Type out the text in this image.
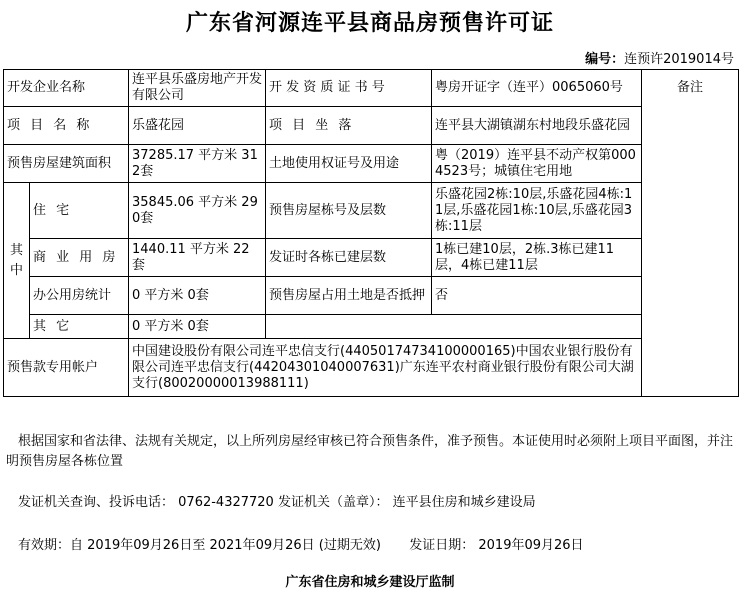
广东省河源连平县商品房预售许可证
编号：连预许2019014号
开发企业名称		连平县乐盛房地产开发有限公司	开 发 资 质 证 书 号	粤房开证字（连平）0065060号	备注
项 目 名 称		乐盛花园	项 目 坐 落	连平县大湖镇湖东村地段乐盛花园	
预售房屋建筑面积		37285.17 平方米 312套	土地使用权证号及用途	粤（2019）连平县不动产权第0004523号；城镇住宅用地	

其中	住 宅	35845.06 平方米 290套	预售房屋栋号及层数	乐盛花园2栋:10层,乐盛花园4栋:11层,乐盛花园1栋:10层,乐盛花园3栋:11层	
	商 业 用 房	1440.11 平方米 22套	发证时各栋已建层数	1栋已建10层，2栋.3栋已建11层，4栋已建11层	
	办公用房统计	0 平方米 0套	预售房屋占用土地是否抵押	否	
	其 它	0 平方米 0套			
预售款专用帐户		中国建设股份有限公司连平忠信支行(44050174734100000165)中国农业银行股份有限公司连平忠信支行(44204301040007631)广东连平农村商业银行股份有限公司大湖支行(80020000013988111)			
根据国家和省法律、法规有关规定，以上所列房屋经审核已符合预售条件，准予预售。本证使用时必须附上项目平面图，并注明预售房屋各栋位置
发证机关查询、投诉电话： 0762-4327720 发证机关（盖章）： 连平县住房和城乡建设局
有效期：自 2019年09月26日至 2021年09月26日 (过期无效) 发证日期： 2019年09月26日
广东省住房和城乡建设厅监制
